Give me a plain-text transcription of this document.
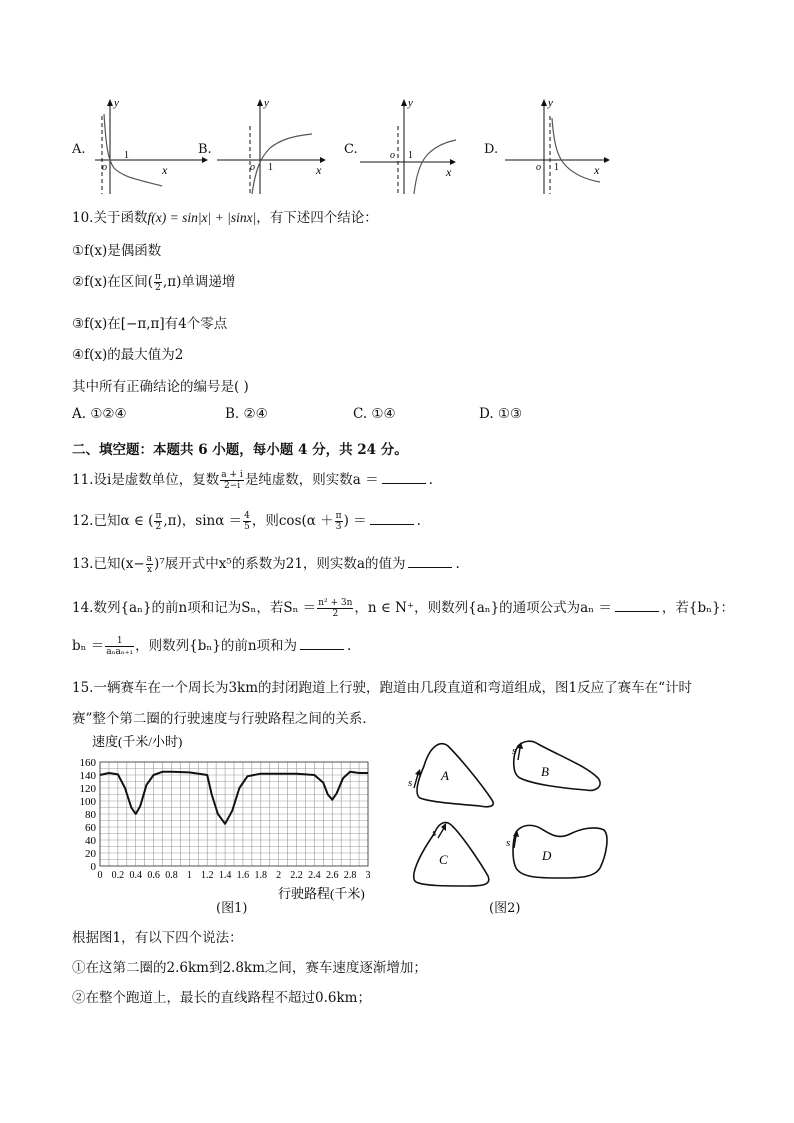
A.
y
x
o
1	B.
y
x
o 1
C.
y
x
o 1	D.
y
x
o 1
10.关于函数f(x) = sin|x| + |sinx|，有下述四个结论：
①f(x)是偶函数
②f(x)在区间( $\frac{\pi}{2} ,\pi$)单调递增
③f(x)在[−π,π]有4个零点
④f(x)的最大值为2
其中所有正确结论的编号是( )
A. ①②④	B. ②④	C. ①④	D. ①③
二、填空题：本题共 6 小题，每小题 4 分，共 24 分。
11.设i是虚数单位，复数 $\frac{a + i}{2-i}$ 是纯虚数，则实数a ＝	.
12.已知α ∈ ( $\frac{\pi}{2} ,\pi$)，$\sin\alpha = \frac{4}{5}$ ，则$\cos(\alpha + \frac{\pi}{3}$ ) ＝	.
13.已知$(x- \frac{a}{x} )^7$展开式中x⁵的系数为21，则实数a的值为	.
14.数列{aₙ}的前n项和记为Sₙ，若$S_n = \frac{\text{n² + 3n}}{2}$ ，n ∈ N⁺，则数列{aₙ}的通项公式为aₙ ＝	，若{bₙ}：
$b_n = \frac{1}{\text{aₙaₙ₊₁}}$ ，则数列{bₙ}的前n项和为	.
15.一辆赛车在一个周长为3km的封闭跑道上行驶，跑道由几段直道和弯道组成，图1反应了赛车在“计时
赛”整个第二圈的行驶速度与行驶路程之间的关系．
0
20
40
60
80
100
120
140
160
0 0.2 0.4 0.6 0.8 1 1.2 1.4 1.6 1.8 2 2.2 2.4 2.6 2.8 3
速度(千米/小时)
行驶路程(千米)
(图1)
s A
s
B
s
C
s
D
(图2)
根据图1，有以下四个说法：
①在这第二圈的2.6km到2.8km之间，赛车速度逐渐增加；
②在整个跑道上，最长的直线路程不超过0.6km；
